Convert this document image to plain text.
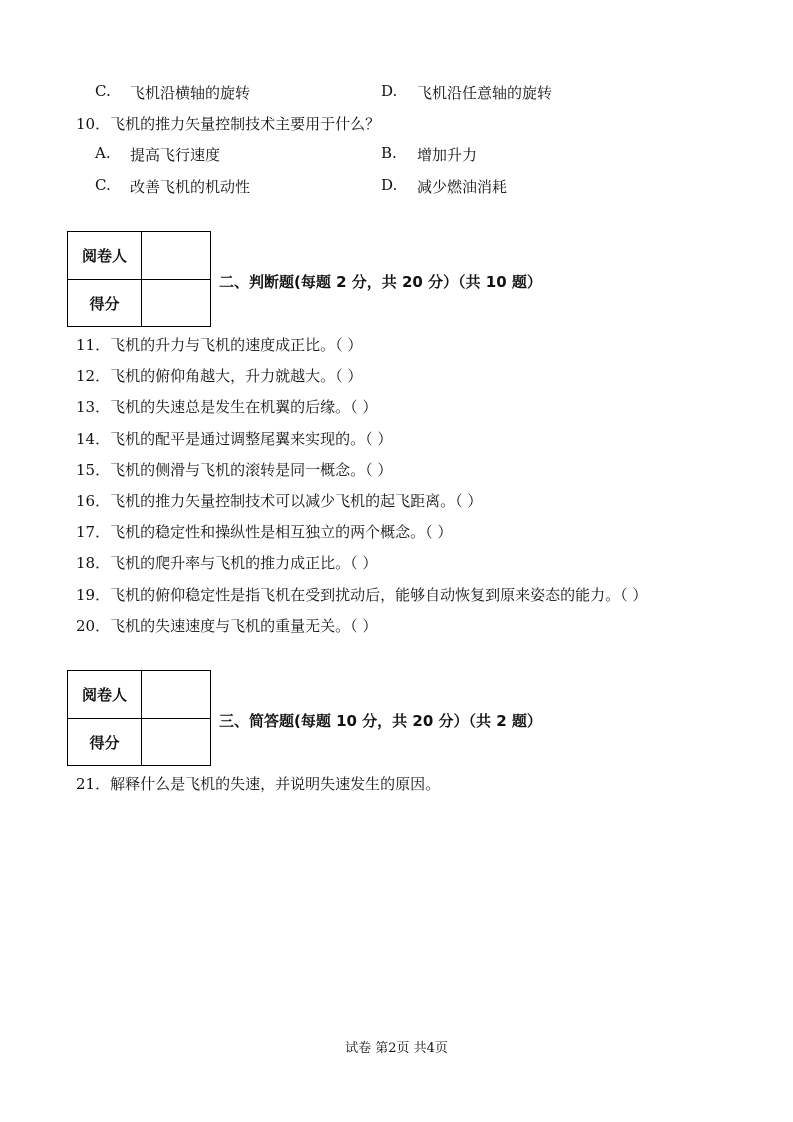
C. 飞机沿横轴的旋转	D. 飞机沿任意轴的旋转
10．飞机的推力矢量控制技术主要用于什么？
A. 提高飞行速度	B. 增加升力
C. 改善飞机的机动性	D. 减少燃油消耗
阅卷人
得分
二、判断题(每题 2 分，共 20 分）（共 10 题）
11．飞机的升力与飞机的速度成正比。（ ）
12．飞机的俯仰角越大，升力就越大。（ ）
13．飞机的失速总是发生在机翼的后缘。（ ）
14．飞机的配平是通过调整尾翼来实现的。（ ）
15．飞机的侧滑与飞机的滚转是同一概念。（ ）
16．飞机的推力矢量控制技术可以减少飞机的起飞距离。（ ）
17．飞机的稳定性和操纵性是相互独立的两个概念。（ ）
18．飞机的爬升率与飞机的推力成正比。（ ）
19．飞机的俯仰稳定性是指飞机在受到扰动后，能够自动恢复到原来姿态的能力。（ ）
20．飞机的失速速度与飞机的重量无关。（ ）
阅卷人
得分
三、简答题(每题 10 分，共 20 分）（共 2 题）
21．解释什么是飞机的失速，并说明失速发生的原因。
试卷 第2页 共4页
